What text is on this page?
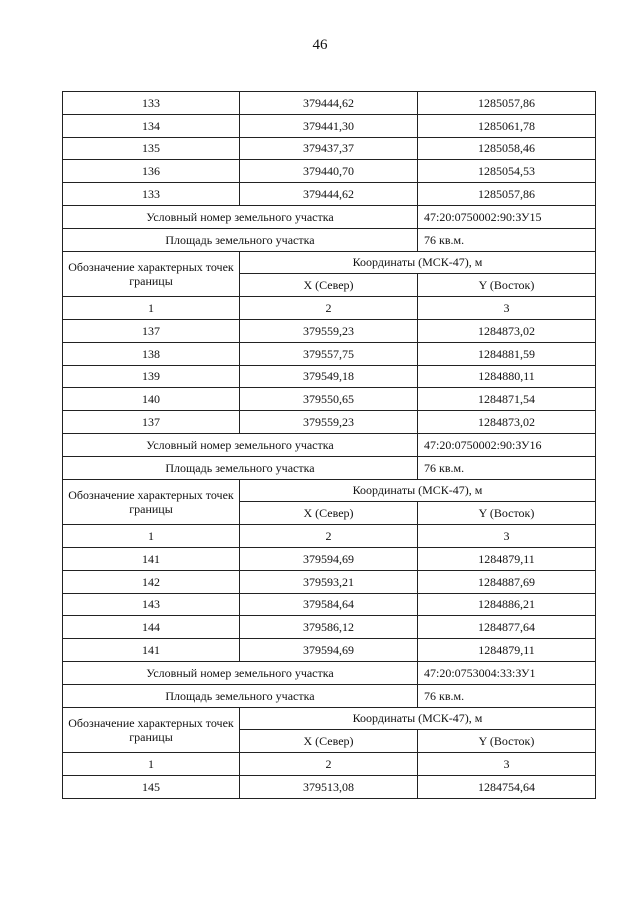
46
133	379444,62	1285057,86
134	379441,30	1285061,78
135	379437,37	1285058,46
136	379440,70	1285054,53
133	379444,62	1285057,86
Условный номер земельного участка		47:20:0750002:90:ЗУ15
Площадь земельного участка		76 кв.м.
Обозначение характерных точек границы	Координаты (МСК-47), м	
	X (Север)	Y (Восток)
1	2	3
137	379559,23	1284873,02
138	379557,75	1284881,59
139	379549,18	1284880,11
140	379550,65	1284871,54
137	379559,23	1284873,02
Условный номер земельного участка		47:20:0750002:90:ЗУ16
Площадь земельного участка		76 кв.м.
Обозначение характерных точек границы	Координаты (МСК-47), м	
	X (Север)	Y (Восток)
1	2	3
141	379594,69	1284879,11
142	379593,21	1284887,69
143	379584,64	1284886,21
144	379586,12	1284877,64
141	379594,69	1284879,11
Условный номер земельного участка		47:20:0753004:33:ЗУ1
Площадь земельного участка		76 кв.м.
Обозначение характерных точек границы	Координаты (МСК-47), м	
	X (Север)	Y (Восток)
1	2	3
145	379513,08	1284754,64
